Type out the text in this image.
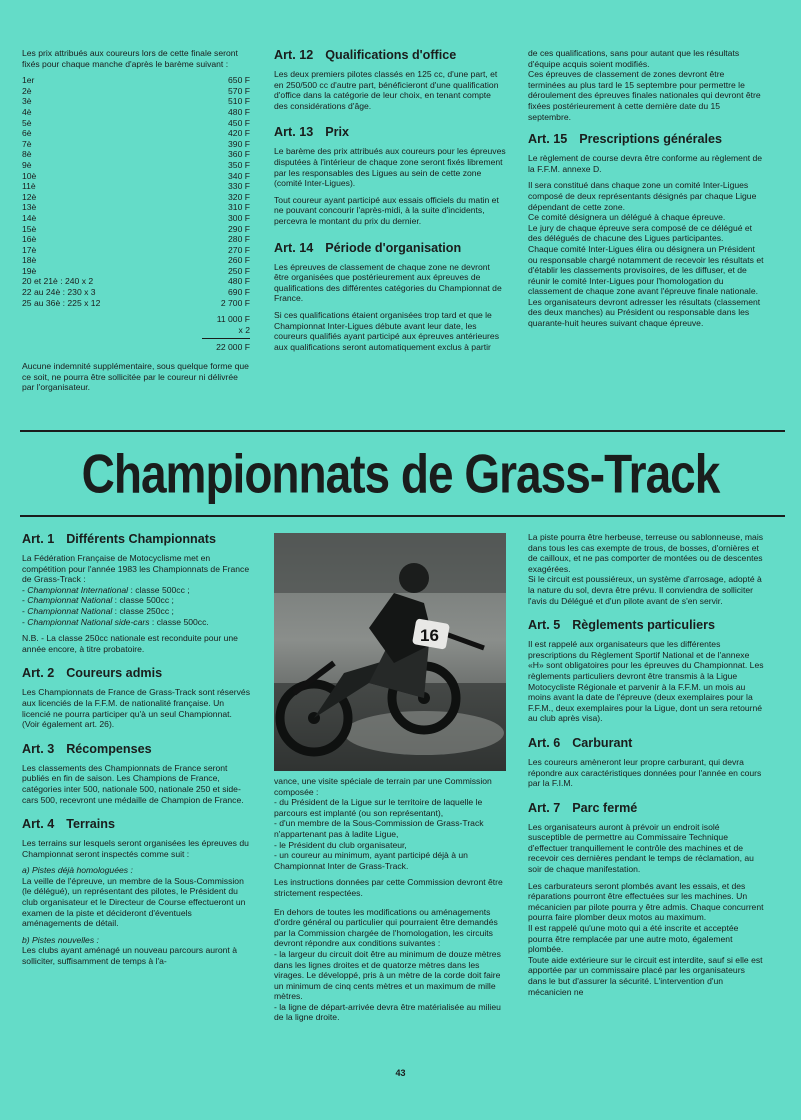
Les prix attribués aux coureurs lors de cette finale seront fixés pour chaque manche d'après le barème suivant :

1er	650 F
2è	570 F
3è	510 F
4è	480 F
5è	450 F
6è	420 F
7è	390 F
8è	360 F
9è	350 F
10è	340 F
11è	330 F
12è	320 F
13è	310 F
14è	300 F
15è	290 F
16è	280 F
17è	270 F
18è	260 F
19è	250 F
20 et 21è : 240 x 2	480 F
22 au 24è : 230 x 3	690 F
25 au 36è : 225 x 12	2 700 F
11 000 F
x 2
22 000 F

Aucune indemnité supplémentaire, sous quelque forme que ce soit, ne pourra être sollicitée par le coureur ni délivrée par l'organisateur.

Art. 12 Qualifications d'office

Les deux premiers pilotes classés en 125 cc, d'une part, et en 250/500 cc d'autre part, bénéficieront d'une qualification d'office dans la catégorie de leur choix, en tenant compte des considérations d'âge.

Art. 13 Prix

Le barème des prix attribués aux coureurs pour les épreuves disputées à l'intérieur de chaque zone seront fixés librement par les responsables des Ligues au sein de cette zone (comité Inter-Ligues).

Tout coureur ayant participé aux essais officiels du matin et ne pouvant concourir l'après-midi, à la suite d'incidents, percevra le montant du prix du dernier.

Art. 14 Période d'organisation

Les épreuves de classement de chaque zone ne devront être organisées que postérieurement aux épreuves de qualifications des différentes catégories du Championnat de France.

Si ces qualifications étaient organisées trop tard et que le Championnat Inter-Ligues débute avant leur date, les coureurs qualifiés ayant participé aux épreuves antérieures aux qualifications seront automatiquement exclus à partir

de ces qualifications, sans pour autant que les résultats d'équipe acquis soient modifiés.

Ces épreuves de classement de zones devront être terminées au plus tard le 15 septembre pour permettre le déroulement des épreuves finales nationales qui devront être fixées postérieurement à cette dernière date du 15 septembre.

Art. 15 Prescriptions générales

Le règlement de course devra être conforme au règlement de la F.F.M. annexe D.

Il sera constitué dans chaque zone un comité Inter-Ligues composé de deux représentants désignés par chaque Ligue dépendant de cette zone.

Ce comité désignera un délégué à chaque épreuve.

Le jury de chaque épreuve sera composé de ce délégué et des délégués de chacune des Ligues participantes.

Chaque comité Inter-Ligues élira ou désignera un Président ou responsable chargé notamment de recevoir les résultats et d'établir les classements provisoires, de les diffuser, et de réunir le comité Inter-Ligues pour l'homologation du classement de chaque zone avant l'épreuve finale nationale.

Les organisateurs devront adresser les résultats (classement des deux manches) au Président ou responsable dans les quarante-huit heures suivant chaque épreuve.

Championnats de Grass-Track
Art. 1 Différents Championnats

La Fédération Française de Motocyclisme met en compétition pour l'année 1983 les Championnats de France de Grass-Track :

- Championnat International : classe 500cc ;
- Championnat National : classe 500cc ;
- Championnat National : classe 250cc ;
- Championnat National side-cars : classe 500cc.

N.B. - La classe 250cc nationale est reconduite pour une année encore, à titre probatoire.

Art. 2 Coureurs admis

Les Championnats de France de Grass-Track sont réservés aux licenciés de la F.F.M. de nationalité française. Un licencié ne pourra participer qu'à un seul Championnat.

(Voir également art. 26).

Art. 3 Récompenses

Les classements des Championnats de France seront publiés en fin de saison. Les Champions de France, catégories inter 500, nationale 500, nationale 250 et side-cars 500, recevront une médaille de Champion de France.

Art. 4 Terrains

Les terrains sur lesquels seront organisées les épreuves du Championnat seront inspectés comme suit :

a) Pistes déjà homologuées :

La veille de l'épreuve, un membre de la Sous-Commission (le délégué), un représentant des pilotes, le Président du club organisateur et le Directeur de Course effectueront un examen de la piste et décideront d'éventuels aménagements de détail.

b) Pistes nouvelles :

Les clubs ayant aménagé un nouveau parcours auront à solliciter, suffisamment de temps à l'a-

16

vance, une visite spéciale de terrain par une Commission composée :

- du Président de la Ligue sur le territoire de laquelle le parcours est implanté (ou son représentant),
- d'un membre de la Sous-Commission de Grass-Track n'appartenant pas à ladite Ligue,
- le Président du club organisateur,
- un coureur au minimum, ayant participé déjà à un Championnat Inter de Grass-Track.

Les instructions données par cette Commission devront être strictement respectées.

En dehors de toutes les modifications ou aménagements d'ordre général ou particulier qui pourraient être demandés par la Commission chargée de l'homologation, les circuits devront répondre aux conditions suivantes :

- la largeur du circuit doit être au minimum de douze mètres dans les lignes droites et de quatorze mètres dans les virages. Le développé, pris à un mètre de la corde doit faire un minimum de cinq cents mètres et un maximum de mille mètres.
- la ligne de départ-arrivée devra être matérialisée au milieu de la ligne droite.

La piste pourra être herbeuse, terreuse ou sablonneuse, mais dans tous les cas exempte de trous, de bosses, d'ornières et de cailloux, et ne pas comporter de montées ou de descentes exagérées.

Si le circuit est poussiéreux, un système d'arrosage, adopté à la nature du sol, devra être prévu. Il conviendra de solliciter l'avis du Délégué et d'un pilote avant de s'en servir.

Art. 5 Règlements particuliers

Il est rappelé aux organisateurs que les différentes prescriptions du Règlement Sportif National et de l'annexe «H» sont obligatoires pour les épreuves du Championnat. Les règlements particuliers devront être transmis à la Ligue Motocycliste Régionale et parvenir à la F.F.M. un mois au moins avant la date de l'épreuve (deux exemplaires pour la F.F.M., deux exemplaires pour la Ligue, dont un sera retourné au club après visa).

Art. 6 Carburant

Les coureurs amèneront leur propre carburant, qui devra répondre aux caractéristiques données pour l'année en cours par la F.I.M.

Art. 7 Parc fermé

Les organisateurs auront à prévoir un endroit isolé susceptible de permettre au Commissaire Technique d'effectuer tranquillement le contrôle des machines et de recevoir ces dernières pendant le temps de réclamation, au soir de chaque manifestation.

Les carburateurs seront plombés avant les essais, et des réparations pourront être effectuées sur les machines. Un mécanicien par pilote pourra y être admis. Chaque concurrent pourra faire plomber deux motos au maximum.

Il est rappelé qu'une moto qui a été inscrite et acceptée pourra être remplacée par une autre moto, également plombée.

Toute aide extérieure sur le circuit est interdite, sauf si elle est apportée par un commissaire placé par les organisateurs dans le but d'assurer la sécurité. L'intervention d'un mécanicien ne

43
